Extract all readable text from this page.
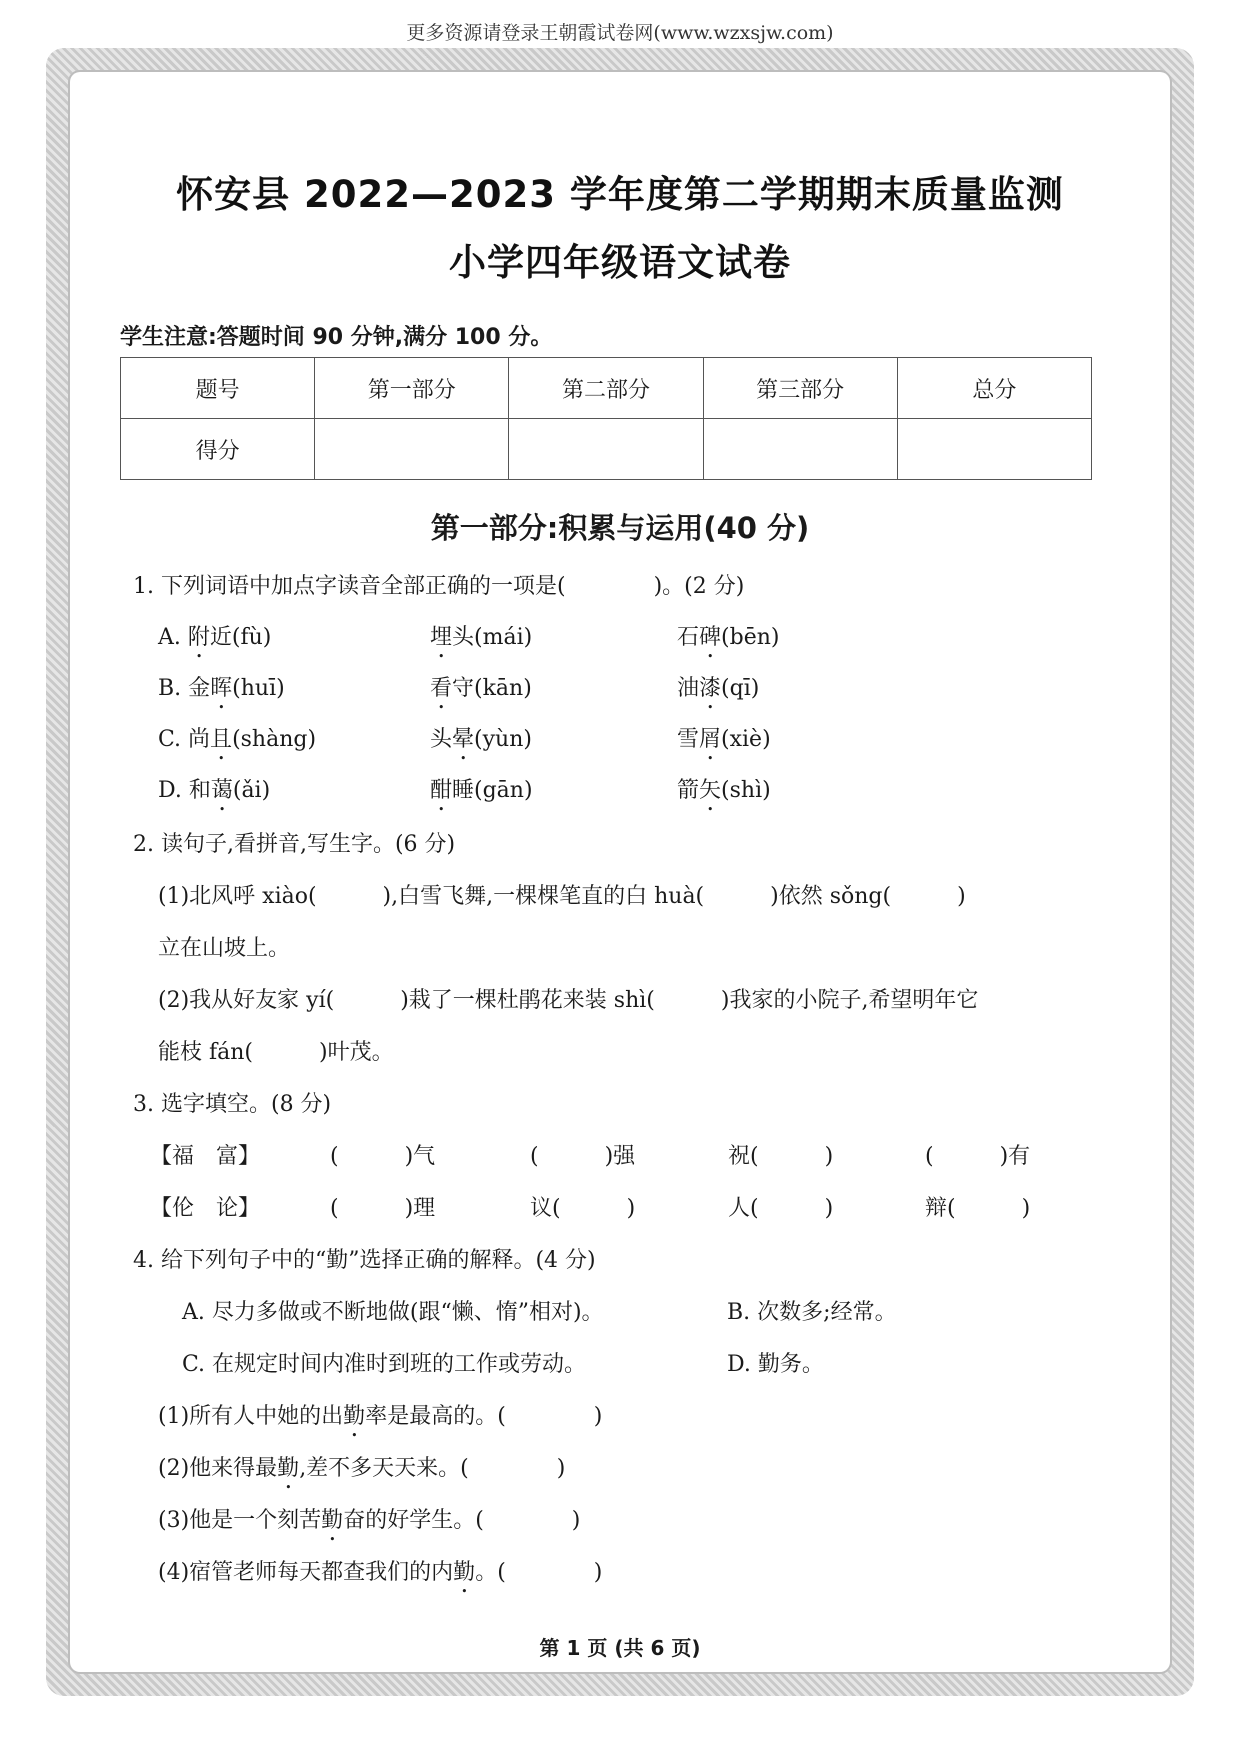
更多资源请登录王朝霞试卷网(www.wzxsjw.com)
怀安县 2022—2023 学年度第二学期期末质量监测
小学四年级语文试卷
学生注意:答题时间 90 分钟,满分 100 分。
题号	第一部分	第二部分	第三部分	总分
得分				
第一部分:积累与运用(40 分)
1. 下列词语中加点字读音全部正确的一项是(　　　　)。(2 分)
A. 附近(fù)	埋头(mái)	石碑(bēn)
B. 金晖(huī)	看守(kān)	油漆(qī)
C. 尚且(shàng)	头晕(yùn)	雪屑(xiè)
D. 和蔼(ǎi)	酣睡(gān)	箭矢(shì)
2. 读句子,看拼音,写生字。(6 分)
(1)北风呼 xiào(　　　),白雪飞舞,一棵棵笔直的白 huà(　　　)依然 sǒng(　　　)
立在山坡上。
(2)我从好友家 yí(　　　)栽了一棵杜鹃花来装 shì(　　　)我家的小院子,希望明年它
能枝 fán(　　　)叶茂。
3. 选字填空。(8 分)
【福　富】	(　　　)气	(　　　)强	祝(　　　)	(　　　)有
【伦　论】	(　　　)理	议(　　　)	人(　　　)	辩(　　　)
4. 给下列句子中的“勤”选择正确的解释。(4 分)
A. 尽力多做或不断地做(跟“懒、惰”相对)。	B. 次数多;经常。
C. 在规定时间内准时到班的工作或劳动。	D. 勤务。
(1)所有人中她的出勤率是最高的。(　　　　)
(2)他来得最勤,差不多天天来。(　　　　)
(3)他是一个刻苦勤奋的好学生。(　　　　)
(4)宿管老师每天都查我们的内勤。(　　　　)
第 1 页 (共 6 页)
